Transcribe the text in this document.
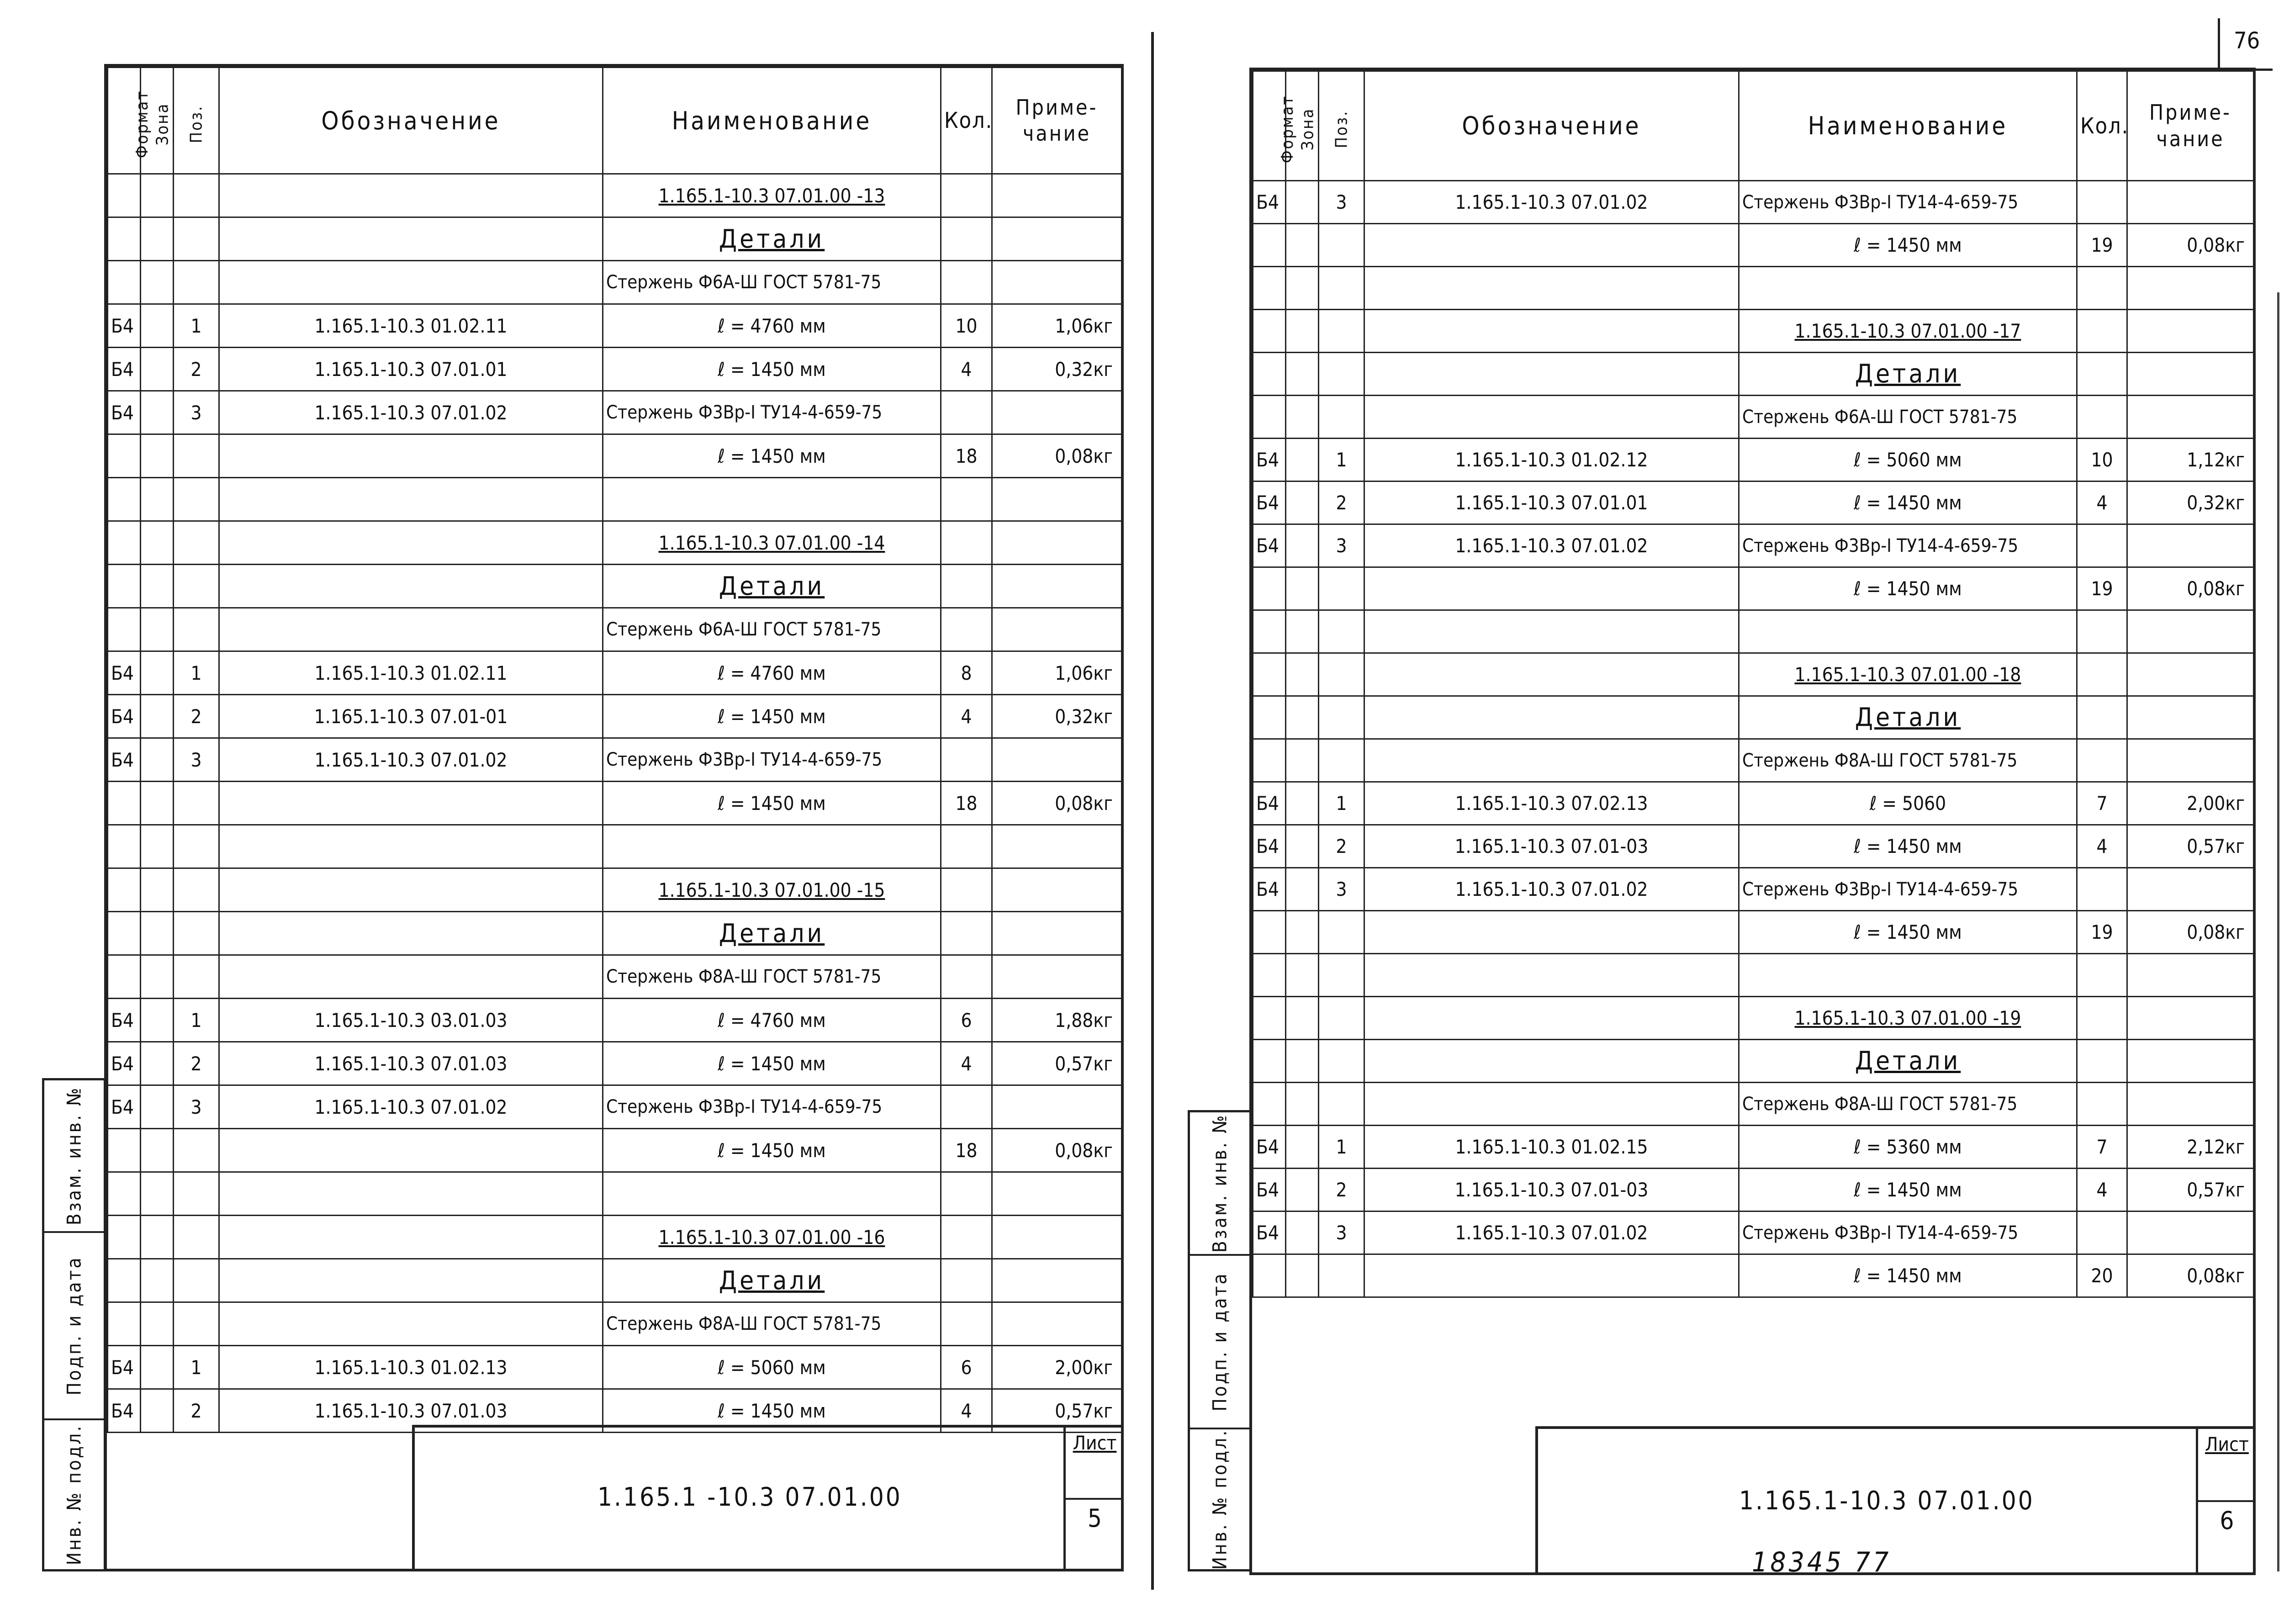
76
18345 77
Взам. инв. №
Подп. и дата
Инв. № подл.
Взам. инв. №
Подп. и дата
Инв. № подл.
Формат	Зона	Поз.	Обозначение	Наименование	Кол.	Приме- чание
				1.165.1-10.3 07.01.00 -13		
				Детали		
				Стержень Ф6А-Ш ГОСТ 5781-75		
Б4		1	1.165.1-10.3 01.02.11	ℓ = 4760 мм	10	1,06кг
Б4		2	1.165.1-10.3 07.01.01	ℓ = 1450 мм	4	0,32кг
Б4		3	1.165.1-10.3 07.01.02	Стержень Ф3Вр-I ТУ14-4-659-75		
				ℓ = 1450 мм	18	0,08кг

				1.165.1-10.3 07.01.00 -14		
				Детали		
				Стержень Ф6А-Ш ГОСТ 5781-75		
Б4		1	1.165.1-10.3 01.02.11	ℓ = 4760 мм	8	1,06кг
Б4		2	1.165.1-10.3 07.01-01	ℓ = 1450 мм	4	0,32кг
Б4		3	1.165.1-10.3 07.01.02	Стержень Ф3Вр-I ТУ14-4-659-75		
				ℓ = 1450 мм	18	0,08кг

				1.165.1-10.3 07.01.00 -15		
				Детали		
				Стержень Ф8А-Ш ГОСТ 5781-75		
Б4		1	1.165.1-10.3 03.01.03	ℓ = 4760 мм	6	1,88кг
Б4		2	1.165.1-10.3 07.01.03	ℓ = 1450 мм	4	0,57кг
Б4		3	1.165.1-10.3 07.01.02	Стержень Ф3Вр-I ТУ14-4-659-75		
				ℓ = 1450 мм	18	0,08кг

				1.165.1-10.3 07.01.00 -16		
				Детали		
				Стержень Ф8А-Ш ГОСТ 5781-75		
Б4		1	1.165.1-10.3 01.02.13	ℓ = 5060 мм	6	2,00кг
Б4		2	1.165.1-10.3 07.01.03	ℓ = 1450 мм	4	0,57кг
1.165.1 -10.3 07.01.00
Лист
5
Формат	Зона	Поз.	Обозначение	Наименование	Кол.	Приме- чание
Б4		3	1.165.1-10.3 07.01.02	Стержень Ф3Вр-I ТУ14-4-659-75		
				ℓ = 1450 мм	19	0,08кг

				1.165.1-10.3 07.01.00 -17		
				Детали		
				Стержень Ф6А-Ш ГОСТ 5781-75		
Б4		1	1.165.1-10.3 01.02.12	ℓ = 5060 мм	10	1,12кг
Б4		2	1.165.1-10.3 07.01.01	ℓ = 1450 мм	4	0,32кг
Б4		3	1.165.1-10.3 07.01.02	Стержень Ф3Вр-I ТУ14-4-659-75		
				ℓ = 1450 мм	19	0,08кг

				1.165.1-10.3 07.01.00 -18		
				Детали		
				Стержень Ф8А-Ш ГОСТ 5781-75		
Б4		1	1.165.1-10.3 07.02.13	ℓ = 5060	7	2,00кг
Б4		2	1.165.1-10.3 07.01-03	ℓ = 1450 мм	4	0,57кг
Б4		3	1.165.1-10.3 07.01.02	Стержень Ф3Вр-I ТУ14-4-659-75		
				ℓ = 1450 мм	19	0,08кг

				1.165.1-10.3 07.01.00 -19		
				Детали		
				Стержень Ф8А-Ш ГОСТ 5781-75		
Б4		1	1.165.1-10.3 01.02.15	ℓ = 5360 мм	7	2,12кг
Б4		2	1.165.1-10.3 07.01-03	ℓ = 1450 мм	4	0,57кг
Б4		3	1.165.1-10.3 07.01.02	Стержень Ф3Вр-I ТУ14-4-659-75		
				ℓ = 1450 мм	20	0,08кг
1.165.1-10.3 07.01.00
Лист
6
